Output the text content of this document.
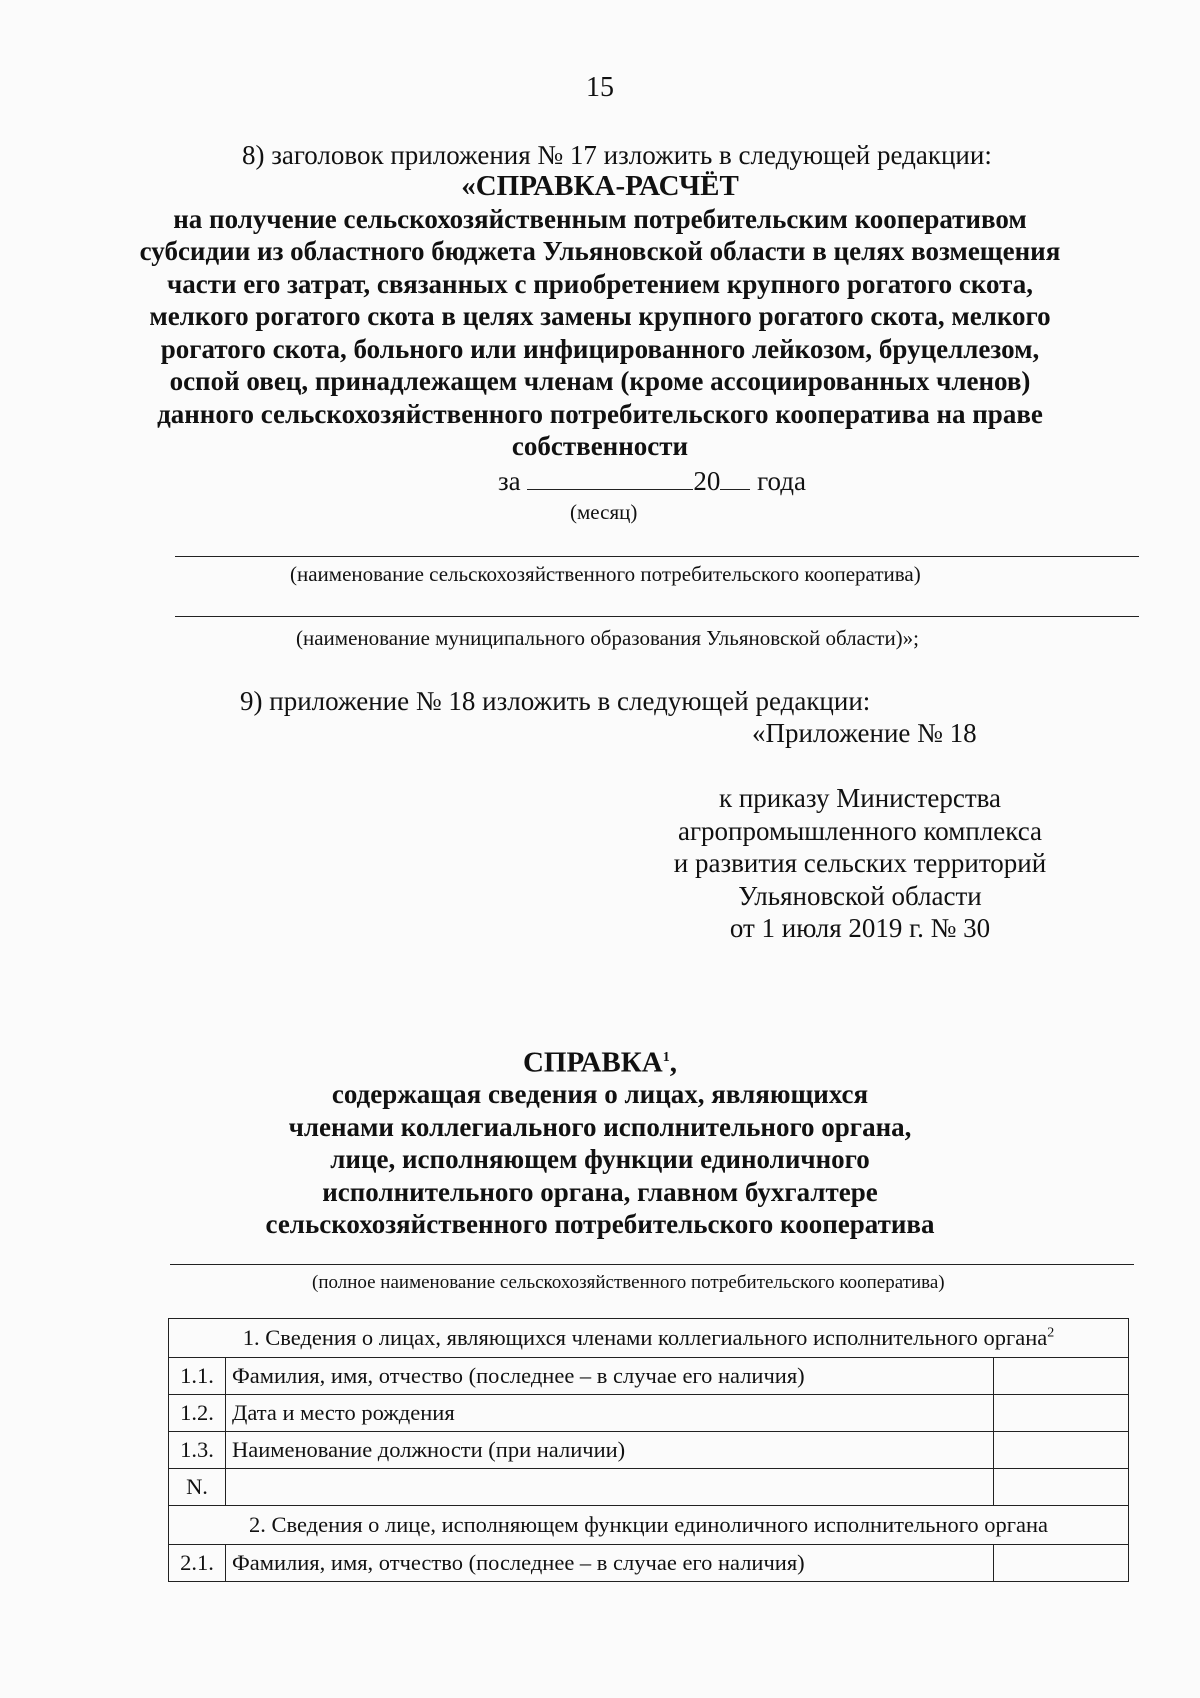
15
8) заголовок приложения № 17 изложить в следующей редакции:
«СПРАВКА-РАСЧЁТ
на получение сельскохозяйственным потребительским кооперативом
субсидии из областного бюджета Ульяновской области в целях возмещения
части его затрат, связанных с приобретением крупного рогатого скота,
мелкого рогатого скота в целях замены крупного рогатого скота, мелкого
рогатого скота, больного или инфицированного лейкозом, бруцеллезом,
оспой овец, принадлежащем членам (кроме ассоциированных членов)
данного сельскохозяйственного потребительского кооператива на праве
собственности
за	20 года
(месяц)
(наименование сельскохозяйственного потребительского кооператива)
(наименование муниципального образования Ульяновской области)»;
9) приложение № 18 изложить в следующей редакции:
«Приложение № 18
к приказу Министерства
агропромышленного комплекса
и развития сельских территорий
Ульяновской области
от 1 июля 2019 г. № 30
СПРАВКА$^1$,
содержащая сведения о лицах, являющихся
членами коллегиального исполнительного органа,
лице, исполняющем функции единоличного
исполнительного органа, главном бухгалтере
сельскохозяйственного потребительского кооператива
(полное наименование сельскохозяйственного потребительского кооператива)
1. Сведения о лицах, являющихся членами коллегиального исполнительного органа$^2$
1.1.	Фамилия, имя, отчество (последнее – в случае его наличия)	
1.2.	Дата и место рождения	
1.3.	Наименование должности (при наличии)	
N.		
2. Сведения о лице, исполняющем функции единоличного исполнительного органа		
2.1.	Фамилия, имя, отчество (последнее – в случае его наличия)	
